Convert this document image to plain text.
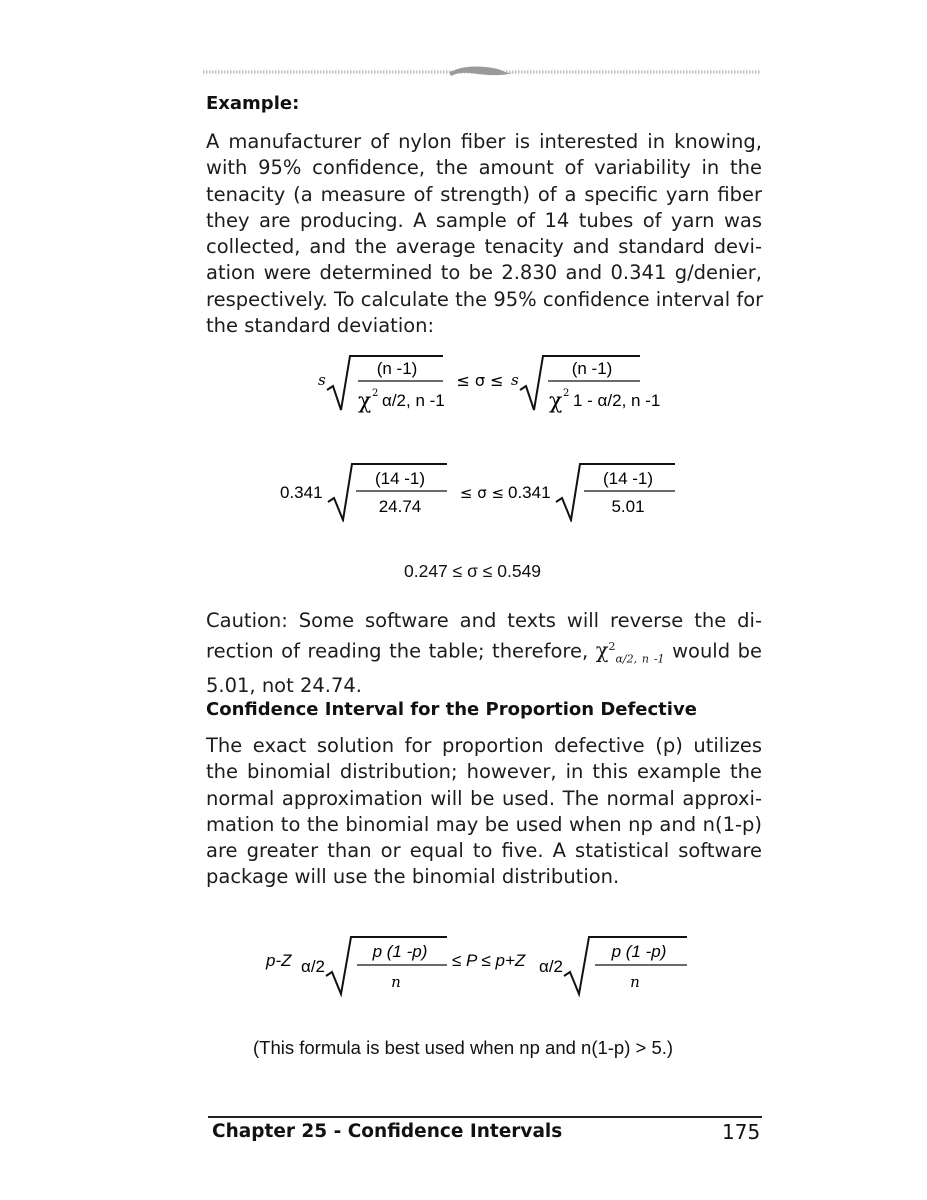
Example:
A manufacturer of nylon fiber is interested in knowing,
with 95% confidence, the amount of variability in the
tenacity (a measure of strength) of a specific yarn fiber
they are producing. A sample of 14 tubes of yarn was
collected, and the average tenacity and standard devi-
ation were determined to be 2.830 and 0.341 g/denier,
respectively. To calculate the 95% confidence interval for
the standard deviation:
s
(n -1)
χ 2 α/2, n -1
≤ σ ≤ s
(n -1)
χ 2 1 - α/2, n -1
0.341
(14 -1)
24.74
≤ σ ≤ 0.341
(14 -1)
5.01
0.247 ≤ σ ≤ 0.549
Caution: Some software and texts will reverse the di-
rection of reading the table; therefore, $\chi^2_{\alpha/2, n -1}$ would be
5.01, not 24.74.
Confidence Interval for the Proportion Defective
The exact solution for proportion defective (p) utilizes
the binomial distribution; however, in this example the
normal approximation will be used. The normal approxi-
mation to the binomial may be used when np and n(1-p)
are greater than or equal to five. A statistical software
package will use the binomial distribution.
p-Z α/2
p (1 -p)
n
≤ P ≤ p+Z α/2
p (1 -p)
n
(This formula is best used when np and n(1-p) > 5.)
Chapter 25 - Confidence Intervals	175
